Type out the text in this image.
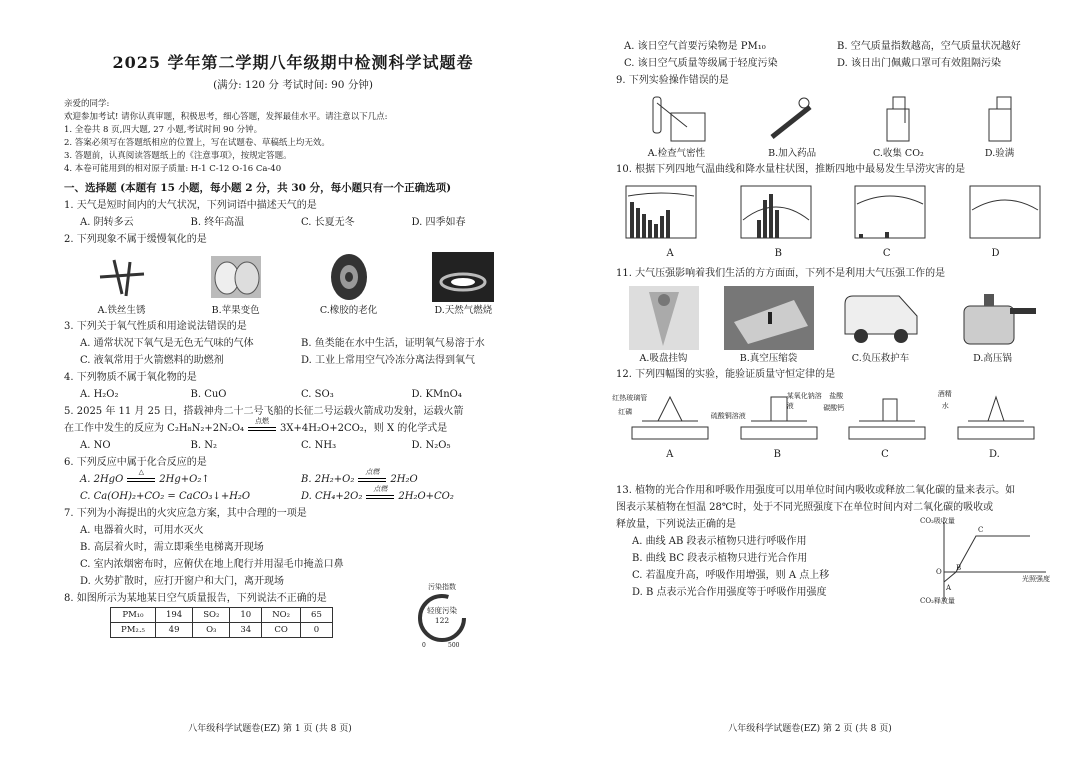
2025 学年第二学期八年级期中检测科学试题卷
(满分: 120 分 考试时间: 90 分钟)
亲爱的同学:
欢迎参加考试! 请你认真审题，积极思考，细心答题，发挥最佳水平。请注意以下几点:
1. 全卷共 8 页,四大题, 27 小题,考试时间 90 分钟。
2. 答案必须写在答题纸相应的位置上，写在试题卷、草稿纸上均无效。
3. 答题前，认真阅读答题纸上的《注意事项》，按规定答题。
4. 本卷可能用到的相对原子质量: H-1 C-12 O-16 Ca-40
一、选择题 (本题有 15 小题，每小题 2 分，共 30 分，每小题只有一个正确选项)
1. 天气是短时间内的大气状况，下列词语中描述天气的是
A. 阴转多云	B. 终年高温	C. 长夏无冬	D. 四季如春
2. 下列现象不属于缓慢氧化的是
A.铁丝生锈	B.苹果变色	C.橡胶的老化	D.天然气燃烧
3. 下列关于氧气性质和用途说法错误的是
A. 通常状况下氧气是无色无气味的气体	B. 鱼类能在水中生活，证明氧气易溶于水
C. 液氧常用于火箭燃料的助燃剂	D. 工业上常用空气冷冻分离法得到氧气
4. 下列物质不属于氧化物的是
A. H₂O₂	B. CuO	C. SO₃	D. KMnO₄
5. 2025 年 11 月 25 日，搭载神舟二十二号飞船的长征二号运载火箭成功发射，运载火箭
在工作中发生的反应为 C₂H₈N₂+2N₂O₄
点燃
3X+4H₂O+2CO₂，则 X 的化学式是
A. NO	B. N₂	C. NH₃	D. N₂O₅
6. 下列反应中属于化合反应的是
A. 2HgO
△
2Hg+O₂↑	B. 2H₂+O₂
点燃
2H₂O
C. Ca(OH)₂+CO₂ = CaCO₃↓+H₂O	D. CH₄+2O₂
点燃
2H₂O+CO₂
7. 下列为小海提出的火灾应急方案，其中合理的一项是
A. 电器着火时，可用水灭火
B. 高层着火时，需立即乘坐电梯离开现场
C. 室内浓烟密布时，应俯伏在地上爬行并用湿毛巾掩盖口鼻
D. 火势扩散时，应打开窗户和大门，离开现场
8. 如图所示为某地某日空气质量报告，下列说法不正确的是
PM₁₀	194	SO₂	10	NO₂	65
PM₂.₅	49	O₃	34	CO	0
污染指数
轻度污染
122
0	500
八年级科学试题卷(EZ) 第 1 页 (共 8 页)
A. 该日空气首要污染物是 PM₁₀	B. 空气质量指数越高，空气质量状况越好
C. 该日空气质量等级属于轻度污染	D. 该日出门佩戴口罩可有效阻隔污染
9. 下列实验操作错误的是
A.检查气密性	B.加入药品	C.收集 CO₂	D.验满
10. 根据下列四地气温曲线和降水量柱状图，推断四地中最易发生旱涝灾害的是
A	B	C	D
11. 大气压强影响着我们生活的方方面面，下列不是利用大气压强工作的是
A.吸盘挂钩	B.真空压缩袋	C.负压救护车	D.高压锅
12. 下列四幅图的实验，能验证质量守恒定律的是
红热玻璃管
红磷	硫酸铜溶液
某氧化钠溶液
盐酸
碳酸钙
酒精
水
A	B	C	D.
13. 植物的光合作用和呼吸作用强度可以用单位时间内吸收或释放二氧化碳的量来表示。如
图表示某植物在恒温 28℃时，处于不同光照强度下在单位时间内对二氧化碳的吸收或
释放量，下列说法正确的是
A. 曲线 AB 段表示植物只进行呼吸作用
B. 曲线 BC 段表示植物只进行光合作用
C. 若温度升高，呼吸作用增强，则 A 点上移
D. B 点表示光合作用强度等于呼吸作用强度
CO₂吸收量
CO₂释放量
光照强度
O
A
B
C
八年级科学试题卷(EZ) 第 2 页 (共 8 页)
